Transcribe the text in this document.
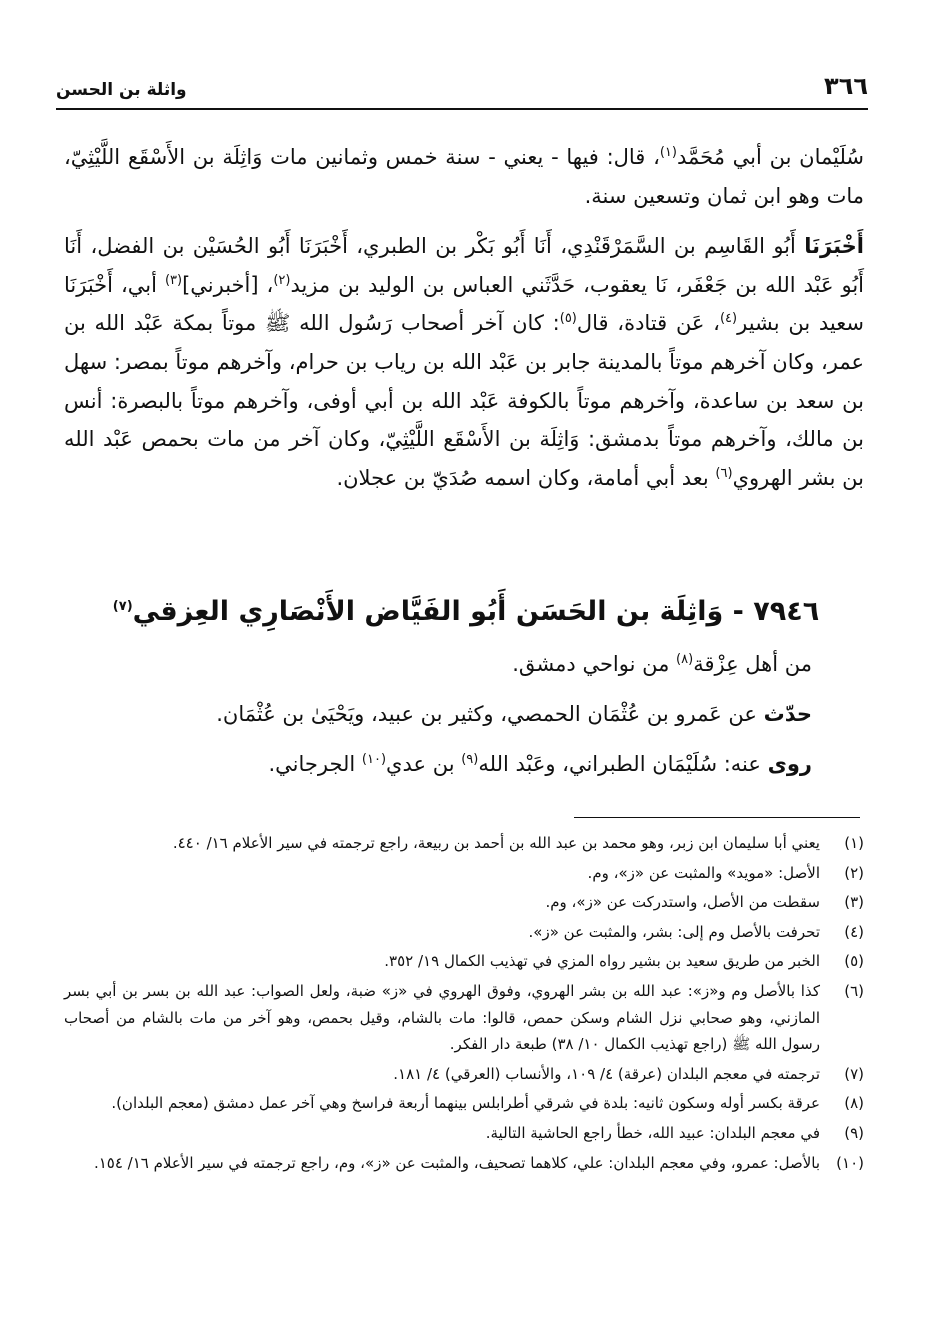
٣٦٦
واثلة بن الحسن

سُلَيْمان بن أبي مُحَمَّد$^{(١)}$، قال: فيها - يعني - سنة خمس وثمانين مات وَاثِلَة بن الأَسْقَع اللَّيْثِيّ، مات وهو ابن ثمان وتسعين سنة.

أَخْبَرَنَا أَبُو القَاسِم بن السَّمَرْقَنْدِي، أَنَا أَبُو بَكْر بن الطبري، أَخْبَرَنَا أَبُو الحُسَيْن بن الفضل، أَنَا أَبُو عَبْد الله بن جَعْفَر، نَا يعقوب، حَدَّثَني العباس بن الوليد بن مزيد$^{(٢)}$، [أخبرني]$^{(٣)}$ أبي، أَخْبَرَنَا سعيد بن بشير$^{(٤)}$، عَن قتادة، قال$^{(٥)}$: كان آخر أصحاب رَسُول الله ﷺ موتاً بمكة عَبْد الله بن عمر، وكان آخرهم موتاً بالمدينة جابر بن عَبْد الله بن رياب بن حرام، وآخرهم موتاً بمصر: سهل بن سعد بن ساعدة، وآخرهم موتاً بالكوفة عَبْد الله بن أبي أوفى، وآخرهم موتاً بالبصرة: أنس بن مالك، وآخرهم موتاً بدمشق: وَاثِلَة بن الأَسْقَع اللَّيْثِيّ، وكان آخر من مات بحمص عَبْد الله بن بشر الهروي$^{(٦)}$ بعد أبي أمامة، وكان اسمه صُدَيّ بن عجلان.

٧٩٤٦ - وَاثِلَة بن الحَسَن أَبُو الفَيَّاض الأَنْصَارِي العِزقي$^{(٧)}$

من أهل عِزْقة$^{(٨)}$ من نواحي دمشق.

حدّث عن عَمرو بن عُثْمَان الحمصي، وكثير بن عبيد، ويَحْيَىٰ بن عُثْمَان.

روى عنه: سُلَيْمَان الطبراني، وعَبْد الله$^{(٩)}$ بن عدي$^{(١٠)}$ الجرجاني.

(١)
يعني أبا سليمان ابن زبر، وهو محمد بن عبد الله بن أحمد بن ربيعة، راجع ترجمته في سير الأعلام ١٦/ ٤٤٠.
(٢)
الأصل: «موید» والمثبت عن «ز»، وم.
(٣)
سقطت من الأصل، واستدركت عن «ز»، وم.
(٤)
تحرفت بالأصل وم إلى: بشر، والمثبت عن «ز».
(٥)
الخبر من طريق سعيد بن بشير رواه المزي في تهذيب الكمال ١٩/ ٣٥٢.
(٦)
كذا بالأصل وم و«ز»: عبد الله بن بشر الهروي، وفوق الهروي في «ز» ضبة، ولعل الصواب: عبد الله بن بسر بن أبي بسر المازني، وهو صحابي نزل الشام وسكن حمص، قالوا: مات بالشام، وقيل بحمص، وهو آخر من مات بالشام من أصحاب رسول الله ﷺ (راجع تهذيب الكمال ١٠/ ٣٨) طبعة دار الفكر.
(٧)
ترجمته في معجم البلدان (عرقة) ٤/ ١٠٩، والأنساب (العرقي) ٤/ ١٨١.
(٨)
عرقة بكسر أوله وسكون ثانيه: بلدة في شرقي أطرابلس بينهما أربعة فراسخ وهي آخر عمل دمشق (معجم البلدان).
(٩)
في معجم البلدان: عبيد الله، خطأ راجع الحاشية التالية.
(١٠)
بالأصل: عمرو، وفي معجم البلدان: علي، كلاهما تصحيف، والمثبت عن «ز»، وم، راجع ترجمته في سير الأعلام ١٦/ ١٥٤.
